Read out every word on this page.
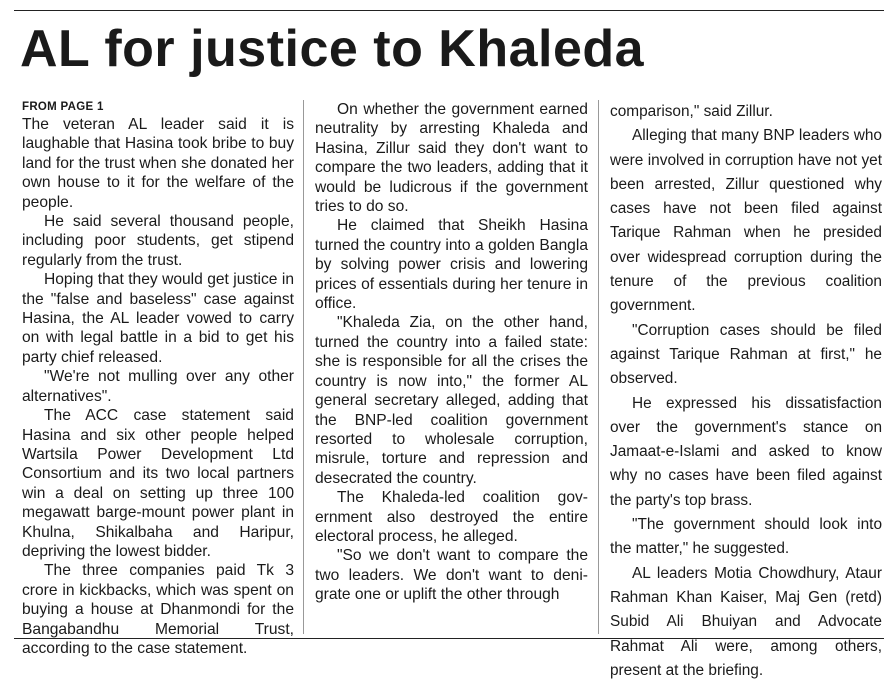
AL for justice to Khaleda
FROM PAGE 1

The veteran AL leader said it is laughable that Hasina took bribe to buy land for the trust when she donated her own house to it for the welfare of the people.

He said several thousand people, including poor students, get stipend regularly from the trust.

Hoping that they would get justice in the "false and baseless" case against Hasina, the AL leader vowed to carry on with legal battle in a bid to get his party chief released.

"We're not mulling over any other alternatives".

The ACC case statement said Hasina and six other people helped Wartsila Power Development Ltd Consortium and its two local partners win a deal on setting up three 100 megawatt barge-mount power plant in Khulna, Shikalbaha and Haripur, depriving the lowest bidder.

The three companies paid Tk 3 crore in kickbacks, which was spent on buying a house at Dhanmondi for the Bangabandhu Memorial Trust, according to the case statement.

On whether the government earned neutrality by arresting Khaleda and Hasina, Zillur said they don't want to compare the two leaders, adding that it would be ludicrous if the government tries to do so.

He claimed that Sheikh Hasina turned the country into a golden Bangla by solving power crisis and lowering prices of essentials during her tenure in office.

"Khaleda Zia, on the other hand, turned the country into a failed state: she is responsible for all the crises the country is now into," the former AL general secretary alleged, adding that the BNP-led coalition government resorted to wholesale corruption, misrule, torture and repression and desecrated the country.

The Khaleda-led coalition government also destroyed the entire electoral process, he alleged.

"So we don't want to compare the two leaders. We don't want to denigrate one or uplift the other through

comparison," said Zillur.

Alleging that many BNP leaders who were involved in corruption have not yet been arrested, Zillur questioned why cases have not been filed against Tarique Rahman when he presided over widespread corruption during the tenure of the previous coalition government.

"Corruption cases should be filed against Tarique Rahman at first," he observed.

He expressed his dissatisfaction over the government's stance on Jamaat-e-Islami and asked to know why no cases have been filed against the party's top brass.

"The government should look into the matter," he suggested.

AL leaders Motia Chowdhury, Ataur Rahman Khan Kaiser, Maj Gen (retd) Subid Ali Bhuiyan and Advocate Rahmat Ali were, among others, present at the briefing.
